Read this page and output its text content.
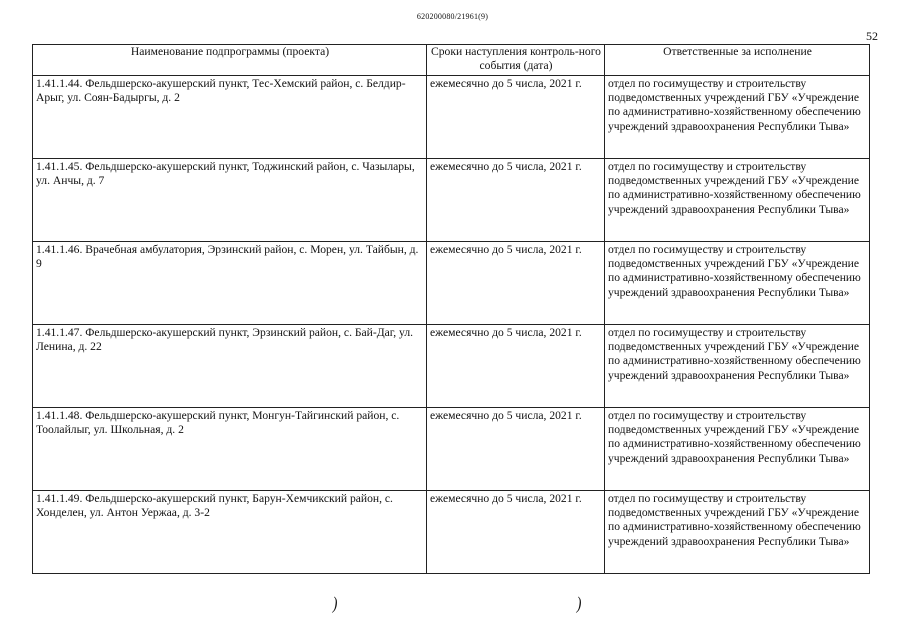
620200080/21961(9)
52
Наименование подпрограммы (проекта)	Сроки наступления контроль-ного события (дата)	Ответственные за исполнение
1.41.1.44. Фельдшерско-акушерский пункт, Тес-Хемский район, с. Белдир-Арыг, ул. Соян-Бадыргы, д. 2	ежемесячно до 5 числа, 2021 г.	отдел по госимуществу и строительству подведомственных учреждений ГБУ «Учреждение по административно-хозяйственному обеспечению учреждений здравоохранения Республики Тыва»
1.41.1.45. Фельдшерско-акушерский пункт, Тоджинский район, с. Чазылары, ул. Анчы, д. 7	ежемесячно до 5 числа, 2021 г.	отдел по госимуществу и строительству подведомственных учреждений ГБУ «Учреждение по административно-хозяйственному обеспечению учреждений здравоохранения Республики Тыва»
1.41.1.46. Врачебная амбулатория, Эрзинский район, с. Морен, ул. Тайбын, д. 9	ежемесячно до 5 числа, 2021 г.	отдел по госимуществу и строительству подведомственных учреждений ГБУ «Учреждение по административно-хозяйственному обеспечению учреждений здравоохранения Республики Тыва»
1.41.1.47. Фельдшерско-акушерский пункт, Эрзинский район, с. Бай-Даг, ул. Ленина, д. 22	ежемесячно до 5 числа, 2021 г.	отдел по госимуществу и строительству подведомственных учреждений ГБУ «Учреждение по административно-хозяйственному обеспечению учреждений здравоохранения Республики Тыва»
1.41.1.48. Фельдшерско-акушерский пункт, Монгун-Тайгинский район, с. Тоолайлыг, ул. Школьная, д. 2	ежемесячно до 5 числа, 2021 г.	отдел по госимуществу и строительству подведомственных учреждений ГБУ «Учреждение по административно-хозяйственному обеспечению учреждений здравоохранения Республики Тыва»
1.41.1.49. Фельдшерско-акушерский пункт, Барун-Хемчикский район, с. Хонделен, ул. Антон Уержаа, д. 3-2	ежемесячно до 5 числа, 2021 г.	отдел по госимуществу и строительству подведомственных учреждений ГБУ «Учреждение по административно-хозяйственному обеспечению учреждений здравоохранения Республики Тыва»
)	)
